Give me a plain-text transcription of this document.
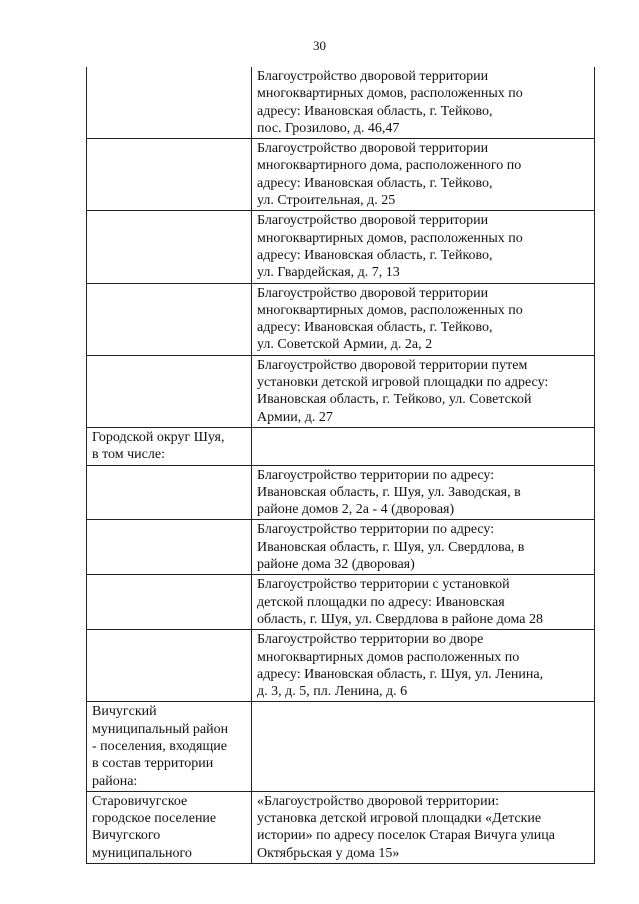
30

	Благоустройство дворовой территории
многоквартирных домов, расположенных по
адресу: Ивановская область, г. Тейково,
пос. Грозилово, д. 46,47

	Благоустройство дворовой территории
многоквартирного дома, расположенного по
адресу: Ивановская область, г. Тейково,
ул. Строительная, д. 25

	Благоустройство дворовой территории
многоквартирных домов, расположенных по
адресу: Ивановская область, г. Тейково,
ул. Гвардейская, д. 7, 13

	Благоустройство дворовой территории
многоквартирных домов, расположенных по
адресу: Ивановская область, г. Тейково,
ул. Советской Армии, д. 2а, 2

	Благоустройство дворовой территории путем
установки детской игровой площадки по адресу:
Ивановская область, г. Тейково, ул. Советской
Армии, д. 27

Городской округ Шуя,
в том числе:	

	Благоустройство территории по адресу:
Ивановская область, г. Шуя, ул. Заводская, в
районе домов 2, 2а - 4 (дворовая)

	Благоустройство территории по адресу:
Ивановская область, г. Шуя, ул. Свердлова, в
районе дома 32 (дворовая)

	Благоустройство территории с установкой
детской площадки по адресу: Ивановская
область, г. Шуя, ул. Свердлова в районе дома 28

	Благоустройство территории во дворе
многоквартирных домов расположенных по
адресу: Ивановская область, г. Шуя, ул. Ленина,
д. 3, д. 5, пл. Ленина, д. 6

Вичугский
муниципальный район
- поселения, входящие
в состав территории
района:	

Старовичугское
городское поселение
Вичугского
муниципального	«Благоустройство дворовой территории:
установка детской игровой площадки «Детские
истории» по адресу поселок Старая Вичуга улица
Октябрьская у дома 15»
